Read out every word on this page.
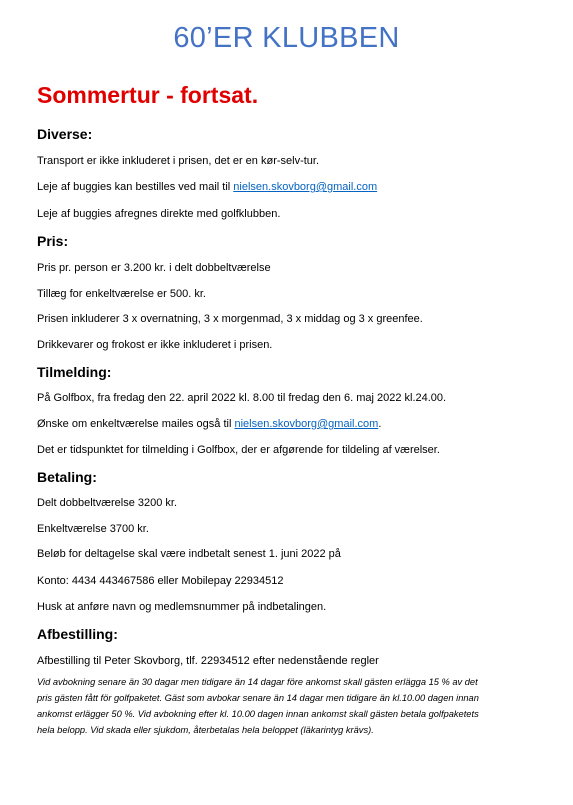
60’ER KLUBBEN
Sommertur - fortsat.
Diverse:
Transport er ikke inkluderet i prisen, det er en kør-selv-tur.
Leje af buggies kan bestilles ved mail til nielsen.skovborg@gmail.com
Leje af buggies afregnes direkte med golfklubben.
Pris:
Pris pr. person er 3.200 kr. i delt dobbeltværelse
Tillæg for enkeltværelse er 500. kr.
Prisen inkluderer 3 x overnatning, 3 x morgenmad, 3 x middag og 3 x greenfee.
Drikkevarer og frokost er ikke inkluderet i prisen.
Tilmelding:
På Golfbox, fra fredag den 22. april 2022 kl. 8.00 til fredag den 6. maj 2022 kl.24.00.
Ønske om enkeltværelse mailes også til nielsen.skovborg@gmail.com.
Det er tidspunktet for tilmelding i Golfbox, der er afgørende for tildeling af værelser.
Betaling:
Delt dobbeltværelse 3200 kr.
Enkeltværelse 3700 kr.
Beløb for deltagelse skal være indbetalt senest 1. juni 2022 på
Konto: 4434 443467586 eller Mobilepay 22934512
Husk at anføre navn og medlemsnummer på indbetalingen.
Afbestilling:
Afbestilling til Peter Skovborg, tlf. 22934512 efter nedenstående regler
Vid avbokning senare än 30 dagar men tidigare än 14 dagar före ankomst skall gästen erlägga 15 % av det
pris gästen fått för golfpaketet. Gäst som avbokar senare än 14 dagar men tidigare än kl.10.00 dagen innan
ankomst erlägger 50 %. Vid avbokning efter kl. 10.00 dagen innan ankomst skall gästen betala golfpaketets
hela belopp. Vid skada eller sjukdom, återbetalas hela beloppet (läkarintyg krävs).
